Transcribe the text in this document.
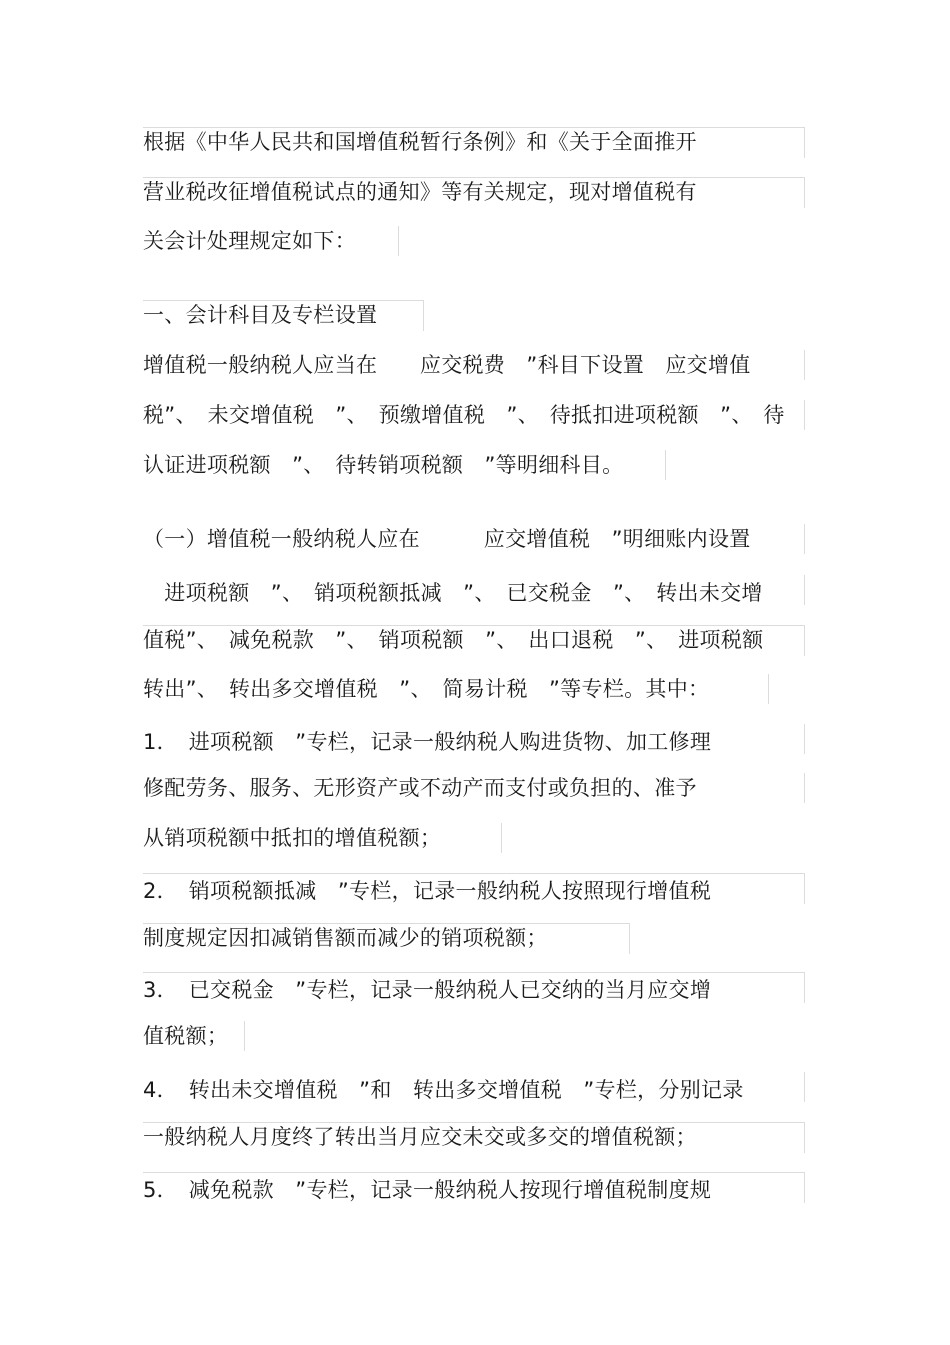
根据《中华人民共和国增值税暂行条例》和《关于全面推开
营业税改征增值税试点的通知》等有关规定，现对增值税有
关会计处理规定如下：
一、会计科目及专栏设置
增值税一般纳税人应当在　　应交税费　”科目下设置　应交增值
税”、　未交增值税　”、　预缴增值税　”、　待抵扣进项税额　”、　待
认证进项税额　”、　待转销项税额　”等明细科目。
（一）增值税一般纳税人应在　　　应交增值税　”明细账内设置
　进项税额　”、　销项税额抵减　”、　已交税金　”、　转出未交增
值税”、　减免税款　”、　销项税额　”、　出口退税　”、　进项税额
转出”、　转出多交增值税　”、　简易计税　”等专栏。其中：
1．　进项税额　”专栏，记录一般纳税人购进货物、加工修理
修配劳务、服务、无形资产或不动产而支付或负担的、准予
从销项税额中抵扣的增值税额；
2．　销项税额抵减　”专栏，记录一般纳税人按照现行增值税
制度规定因扣减销售额而减少的销项税额；
3．　已交税金　”专栏，记录一般纳税人已交纳的当月应交增
值税额；
4．　转出未交增值税　”和　转出多交增值税　”专栏，分别记录
一般纳税人月度终了转出当月应交未交或多交的增值税额；
5．　减免税款　”专栏，记录一般纳税人按现行增值税制度规
